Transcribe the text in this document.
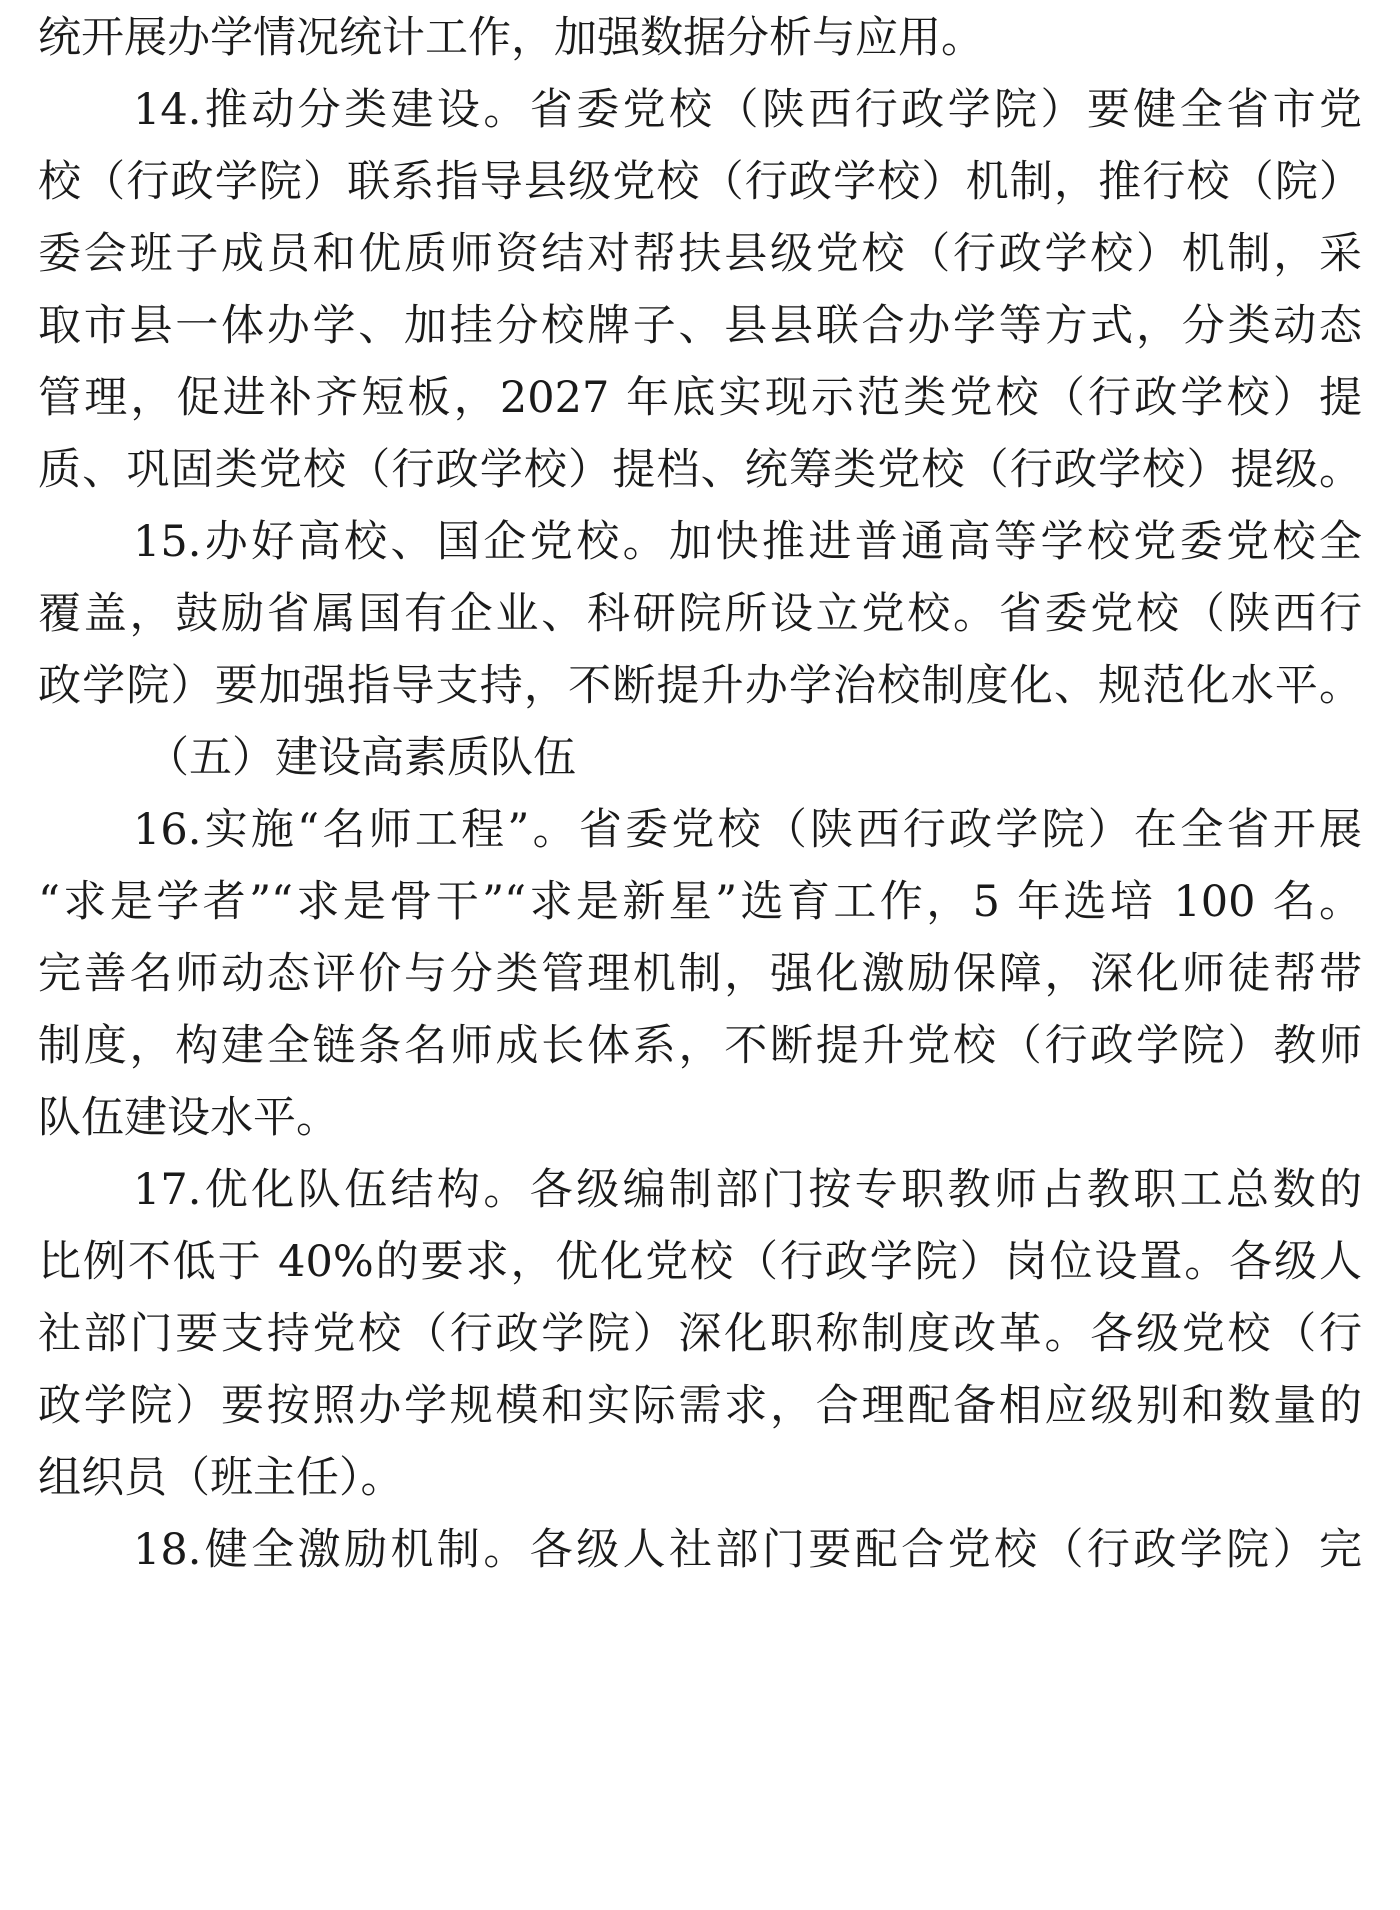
统开展办学情况统计工作，加强数据分析与应用。
14.推动分类建设。省委党校（陕西行政学院）要健全省市党
校（行政学院）联系指导县级党校（行政学校）机制，推行校（院）
委会班子成员和优质师资结对帮扶县级党校（行政学校）机制，采
取市县一体办学、加挂分校牌子、县县联合办学等方式，分类动态
管理，促进补齐短板，2027 年底实现示范类党校（行政学校）提
质、巩固类党校（行政学校）提档、统筹类党校（行政学校）提级。
15.办好高校、国企党校。加快推进普通高等学校党委党校全
覆盖，鼓励省属国有企业、科研院所设立党校。省委党校（陕西行
政学院）要加强指导支持，不断提升办学治校制度化、规范化水平。
（五）建设高素质队伍
16.实施“名师工程”。省委党校（陕西行政学院）在全省开展
“求是学者”“求是骨干”“求是新星”选育工作，5 年选培 100 名。
完善名师动态评价与分类管理机制，强化激励保障，深化师徒帮带
制度，构建全链条名师成长体系，不断提升党校（行政学院）教师
队伍建设水平。
17.优化队伍结构。各级编制部门按专职教师占教职工总数的
比例不低于 40%的要求，优化党校（行政学院）岗位设置。各级人
社部门要支持党校（行政学院）深化职称制度改革。各级党校（行
政学院）要按照办学规模和实际需求，合理配备相应级别和数量的
组织员（班主任）。
18.健全激励机制。各级人社部门要配合党校（行政学院）完
